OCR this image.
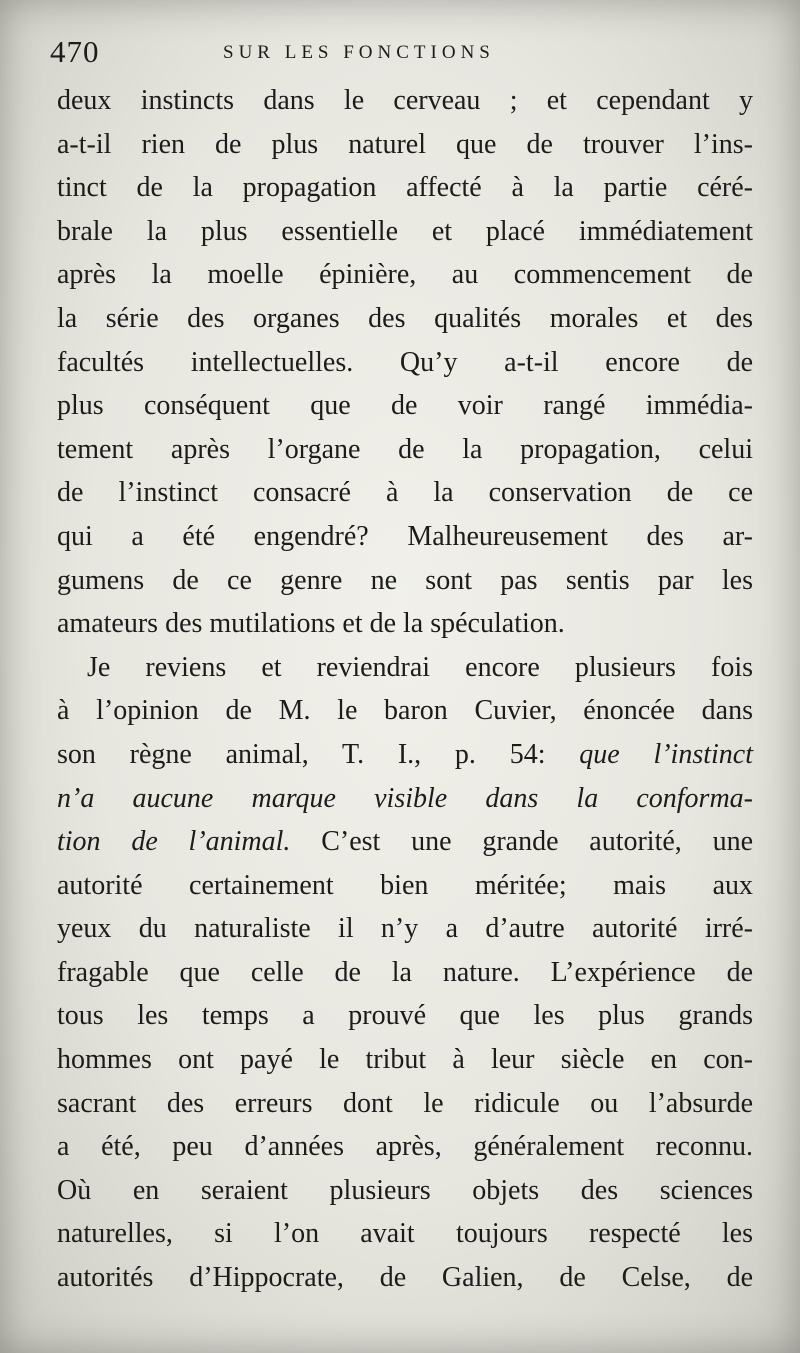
470	SUR LES FONCTIONS
deux instincts dans le cerveau ; et cependant y
a-t-il rien de plus naturel que de trouver l’ins-
tinct de la propagation affecté à la partie céré-
brale la plus essentielle et placé immédiatement
après la moelle épinière, au commencement de
la série des organes des qualités morales et des
facultés intellectuelles. Qu’y a-t-il encore de
plus conséquent que de voir rangé immédia-
tement après l’organe de la propagation, celui
de l’instinct consacré à la conservation de ce
qui a été engendré? Malheureusement des ar-
gumens de ce genre ne sont pas sentis par les
amateurs des mutilations et de la spéculation.
Je reviens et reviendrai encore plusieurs fois
à l’opinion de M. le baron Cuvier, énoncée dans
son règne animal, T. I., p. 54: que l’instinct
n’a aucune marque visible dans la conforma-
tion de l’animal. C’est une grande autorité, une
autorité certainement bien méritée; mais aux
yeux du naturaliste il n’y a d’autre autorité irré-
fragable que celle de la nature. L’expérience de
tous les temps a prouvé que les plus grands
hommes ont payé le tribut à leur siècle en con-
sacrant des erreurs dont le ridicule ou l’absurde
a été, peu d’années après, généralement reconnu.
Où en seraient plusieurs objets des sciences
naturelles, si l’on avait toujours respecté les
autorités d’Hippocrate, de Galien, de Celse, de
